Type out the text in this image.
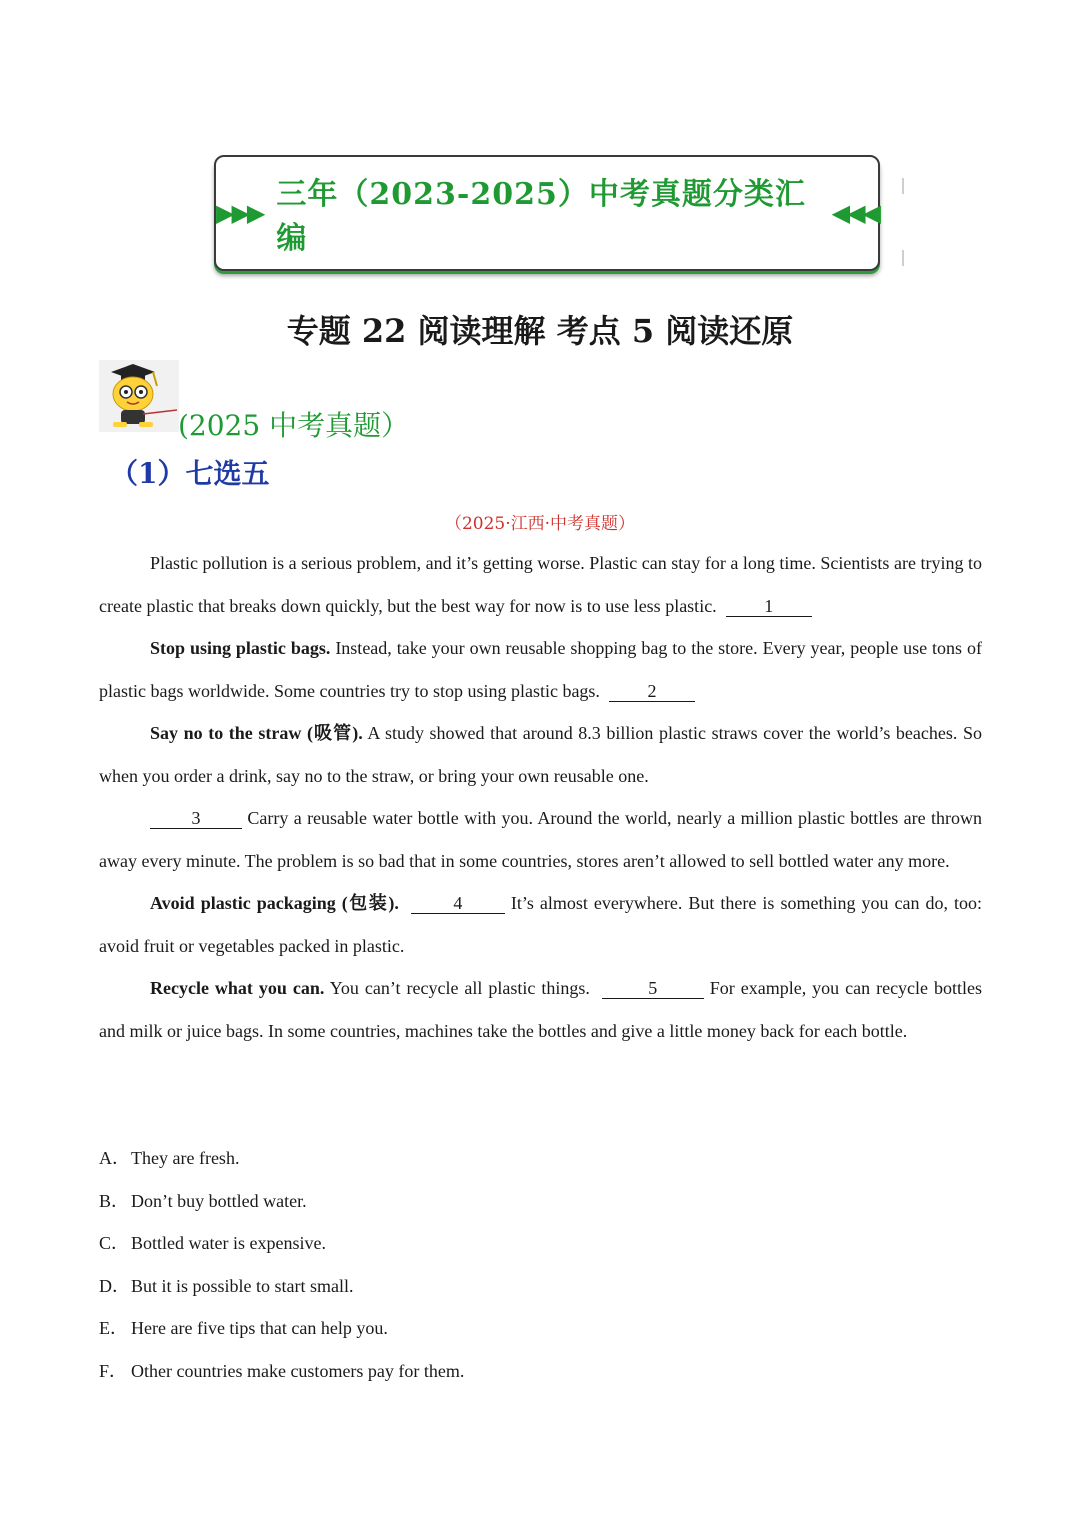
▶▶▶
三年（2023-2025）中考真题分类汇编
◀◀◀
专题 22 阅读理解 考点 5 阅读还原
(2025 中考真题）
（1）七选五
（2025·江西·中考真题）

Plastic pollution is a serious problem, and it’s getting worse. Plastic can stay for a long time. Scientists are trying to create plastic that breaks down quickly, but the best way for now is to use less plastic.	1

Stop using plastic bags. Instead, take your own reusable shopping bag to the store. Every year, people use tons of plastic bags worldwide. Some countries try to stop using plastic bags.	2

Say no to the straw (吸管). A study showed that around 8.3 billion plastic straws cover the world’s beaches. So when you order a drink, say no to the straw, or bring your own reusable one.

3 Carry a reusable water bottle with you. Around the world, nearly a million plastic bottles are thrown away every minute. The problem is so bad that in some countries, stores aren’t allowed to sell bottled water any more.

Avoid plastic packaging (包装).	4 It’s almost everywhere. But there is something you can do, too: avoid fruit or vegetables packed in plastic.

Recycle what you can. You can’t recycle all plastic things.	5	For example, you can recycle bottles and milk or juice bags. In some countries, machines take the bottles and give a little money back for each bottle.

A．They are fresh.
B． Don’t buy bottled water.
C． Bottled water is expensive.
D．But it is possible to start small.
E． Here are five tips that can help you.
F． Other countries make customers pay for them.
